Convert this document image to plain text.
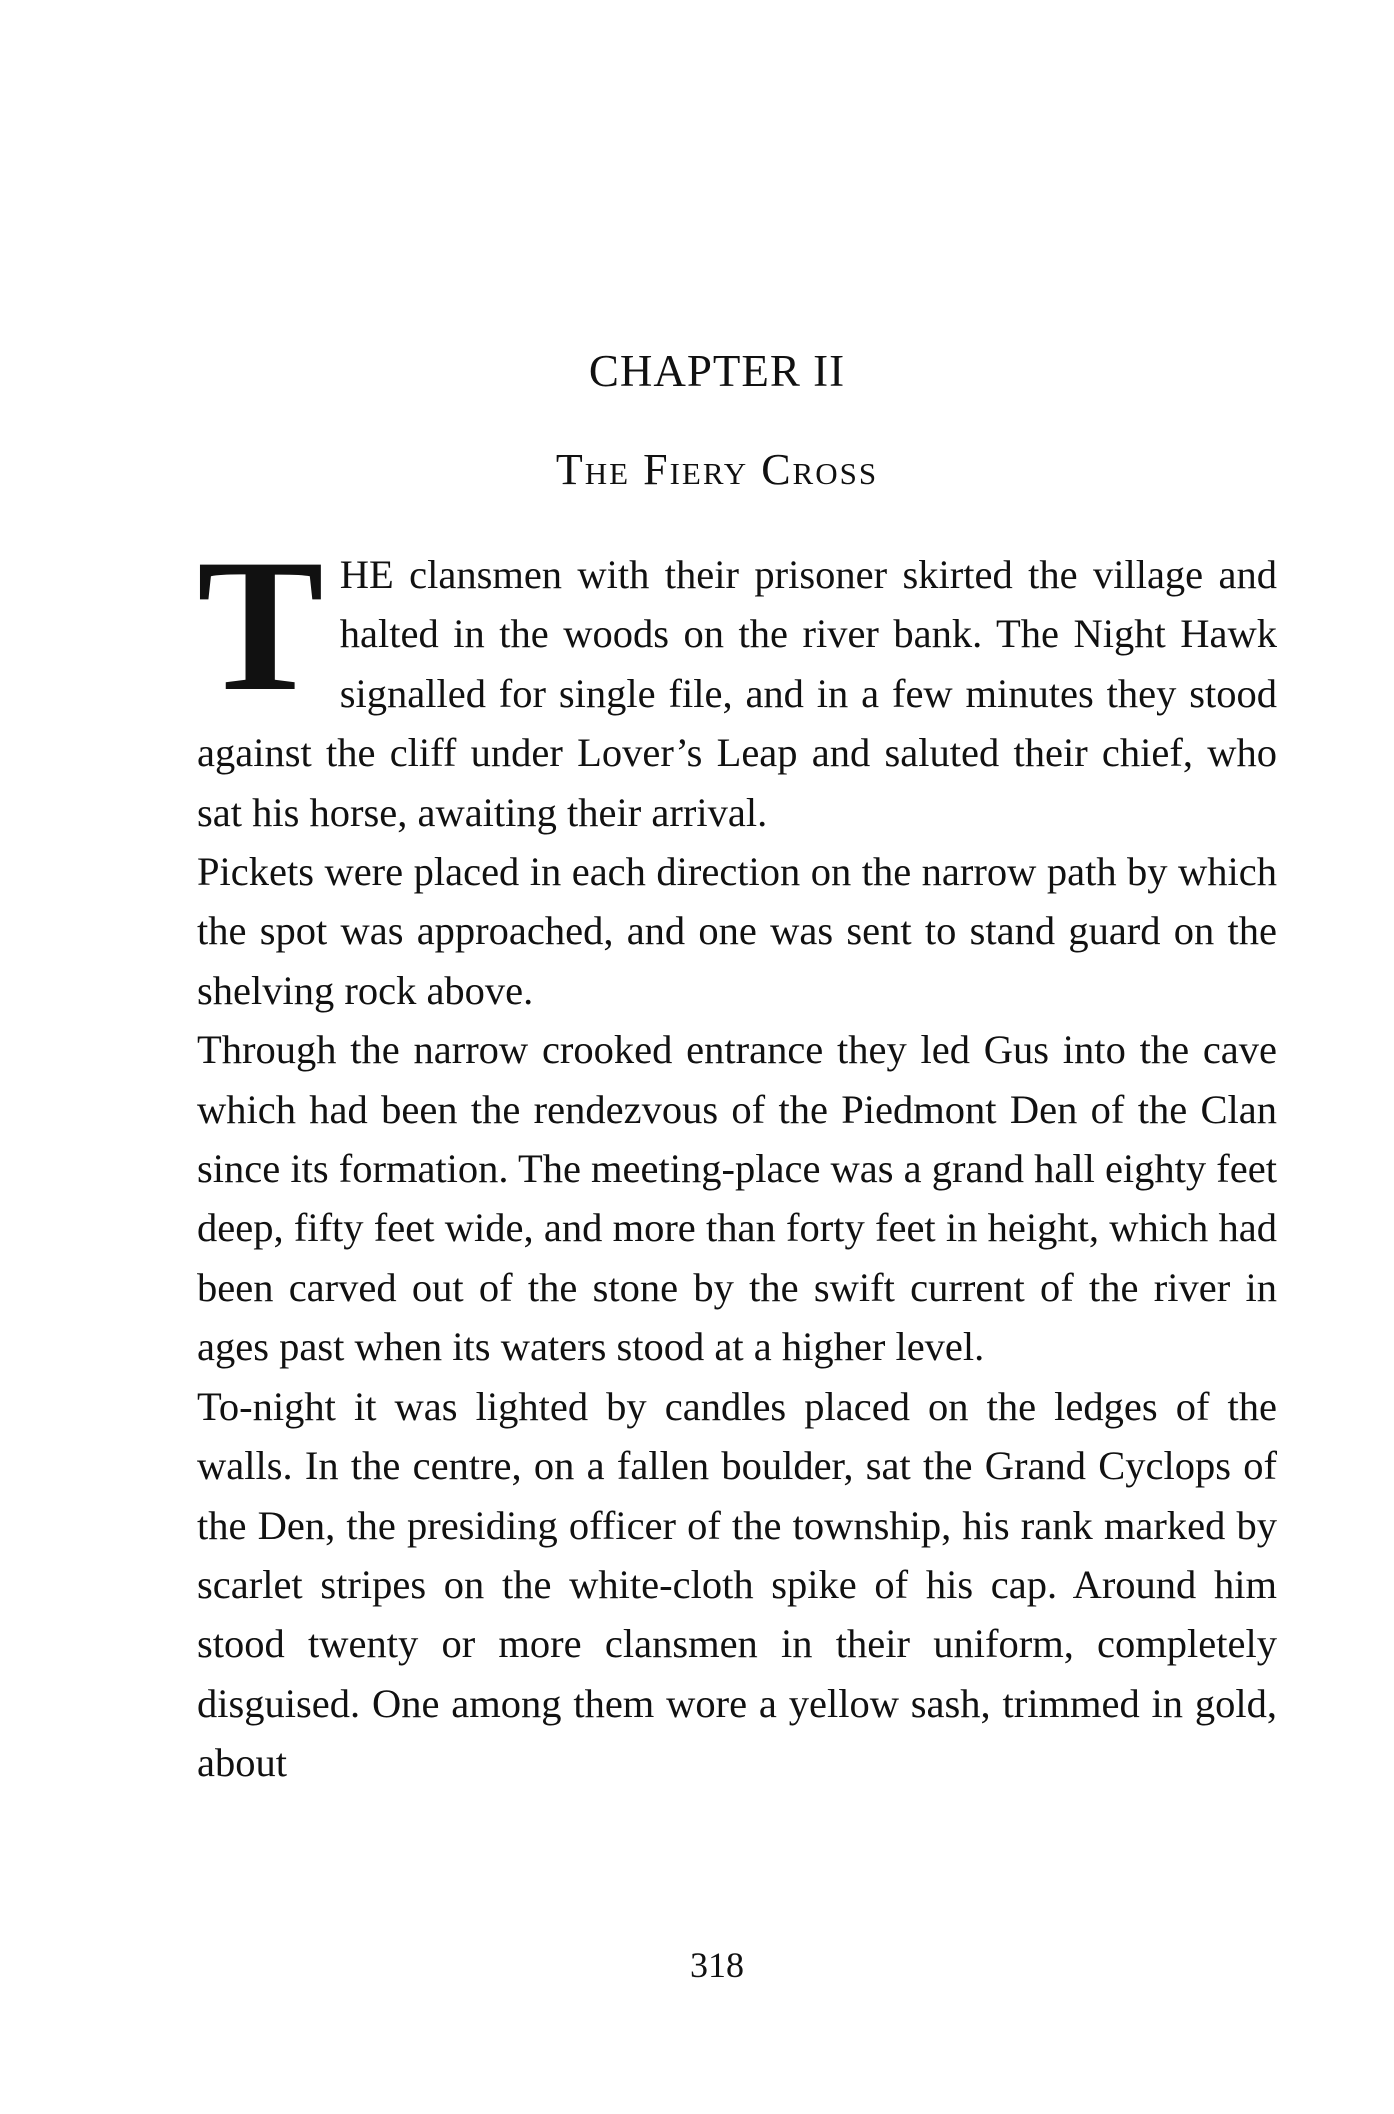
CHAPTER II
The Fiery Cross

THE clansmen with their prisoner skirted the village and halted in the woods on the river bank. The Night Hawk signalled for single file, and in a few minutes they stood against the cliff under Lover’s Leap and saluted their chief, who sat his horse, awaiting their arrival.

Pickets were placed in each direction on the narrow path by which the spot was approached, and one was sent to stand guard on the shelving rock above.

Through the narrow crooked entrance they led Gus into the cave which had been the rendezvous of the Piedmont Den of the Clan since its formation. The meeting-place was a grand hall eighty feet deep, fifty feet wide, and more than forty feet in height, which had been carved out of the stone by the swift current of the river in ages past when its waters stood at a higher level.

To-night it was lighted by candles placed on the ledges of the walls. In the centre, on a fallen boulder, sat the Grand Cyclops of the Den, the presiding officer of the township, his rank marked by scarlet stripes on the white-cloth spike of his cap. Around him stood twenty or more clansmen in their uniform, completely disguised. One among them wore a yellow sash, trimmed in gold, about

318
